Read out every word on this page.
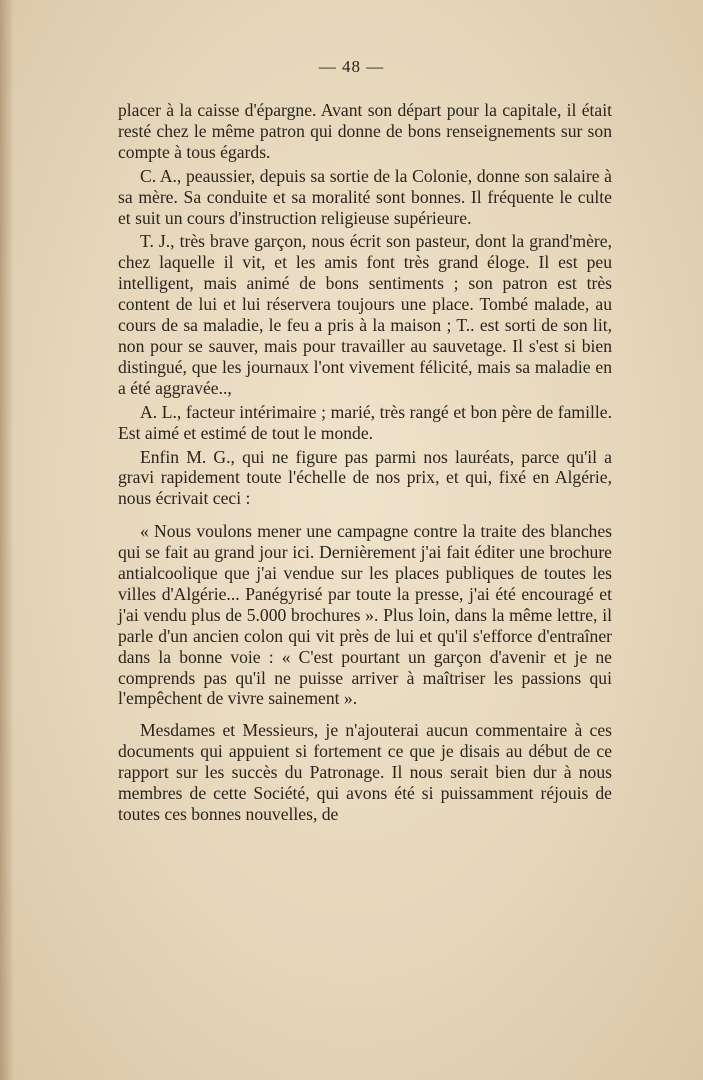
— 48 —

placer à la caisse d'épargne. Avant son départ pour la capitale, il était resté chez le même patron qui donne de bons renseignements sur son compte à tous égards.

C. A., peaussier, depuis sa sortie de la Colonie, donne son salaire à sa mère. Sa conduite et sa moralité sont bonnes. Il fréquente le culte et suit un cours d'instruction religieuse supérieure.

T. J., très brave garçon, nous écrit son pasteur, dont la grand'mère, chez laquelle il vit, et les amis font très grand éloge. Il est peu intelligent, mais animé de bons sentiments ; son patron est très content de lui et lui réservera toujours une place. Tombé malade, au cours de sa maladie, le feu a pris à la maison ; T.. est sorti de son lit, non pour se sauver, mais pour travailler au sauvetage. Il s'est si bien distingué, que les journaux l'ont vivement félicité, mais sa maladie en a été aggravée..,

A. L., facteur intérimaire ; marié, très rangé et bon père de famille. Est aimé et estimé de tout le monde.

Enfin M. G., qui ne figure pas parmi nos lauréats, parce qu'il a gravi rapidement toute l'échelle de nos prix, et qui, fixé en Algérie, nous écrivait ceci :

« Nous voulons mener une campagne contre la traite des blanches qui se fait au grand jour ici. Dernièrement j'ai fait éditer une brochure antialcoolique que j'ai vendue sur les places publiques de toutes les villes d'Algérie... Panégyrisé par toute la presse, j'ai été encouragé et j'ai vendu plus de 5.000 brochures ». Plus loin, dans la même lettre, il parle d'un ancien colon qui vit près de lui et qu'il s'efforce d'entraîner dans la bonne voie : « C'est pourtant un garçon d'avenir et je ne comprends pas qu'il ne puisse arriver à maîtriser les passions qui l'empêchent de vivre sainement ».

Mesdames et Messieurs, je n'ajouterai aucun commentaire à ces documents qui appuient si fortement ce que je disais au début de ce rapport sur les succès du Patronage. Il nous serait bien dur à nous membres de cette Société, qui avons été si puissamment réjouis de toutes ces bonnes nouvelles, de
